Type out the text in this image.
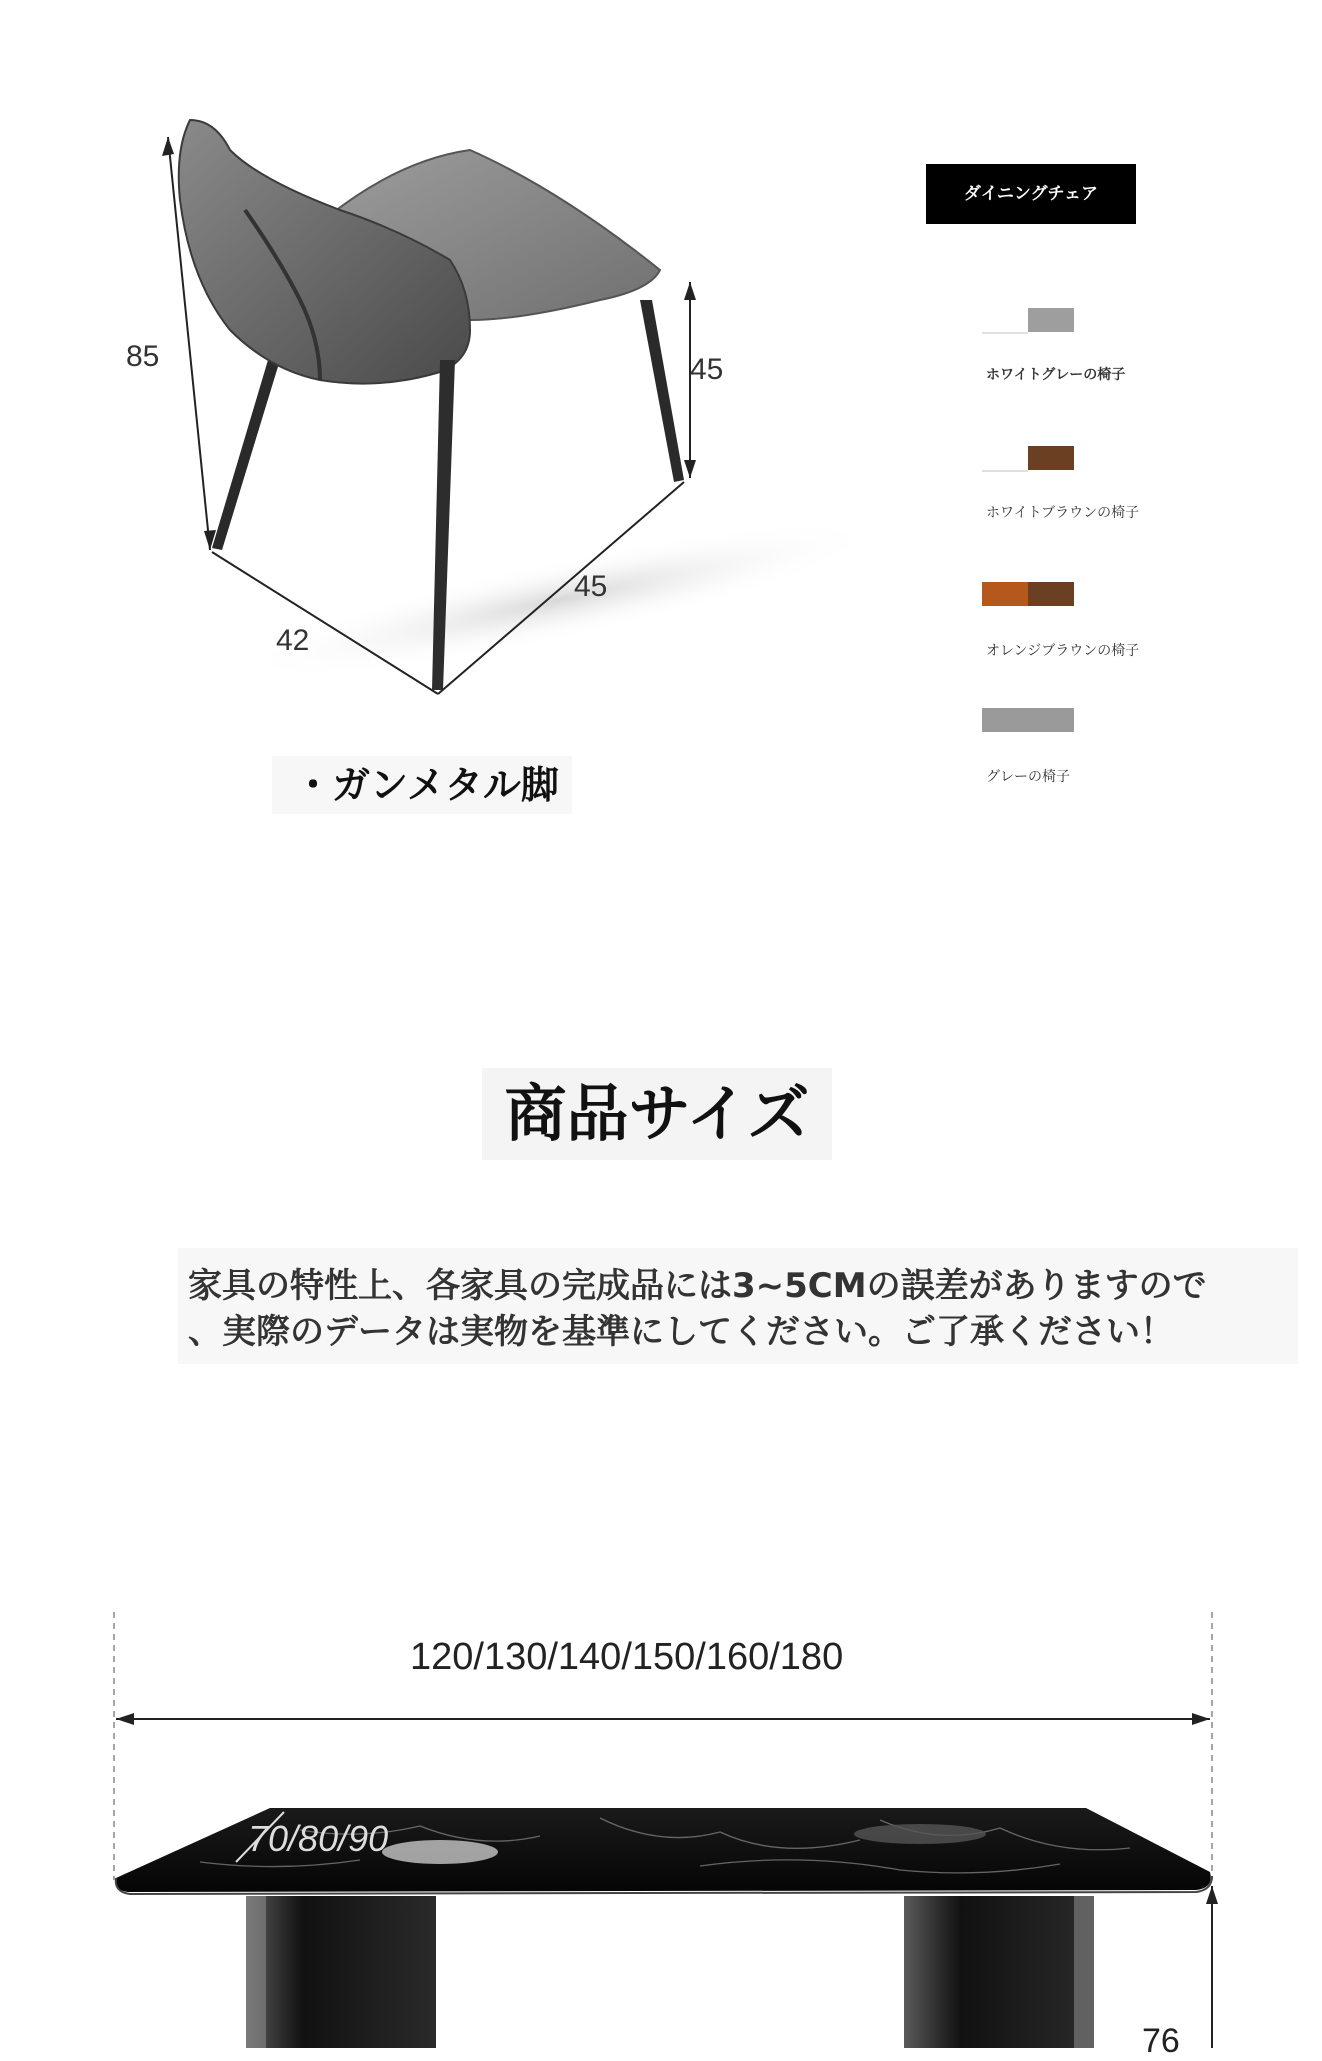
85	45
45
42
・ガンメタル脚
ダイニングチェア
ホワイトグレーの椅子
ホワイトブラウンの椅子
オレンジブラウンの椅子
グレーの椅子
商品サイズ
家具の特性上、各家具の完成品には3~5CMの誤差がありますので
、実際のデータは実物を基準にしてください。ご了承ください！
120/130/140/150/160/180
70/80/90
76
